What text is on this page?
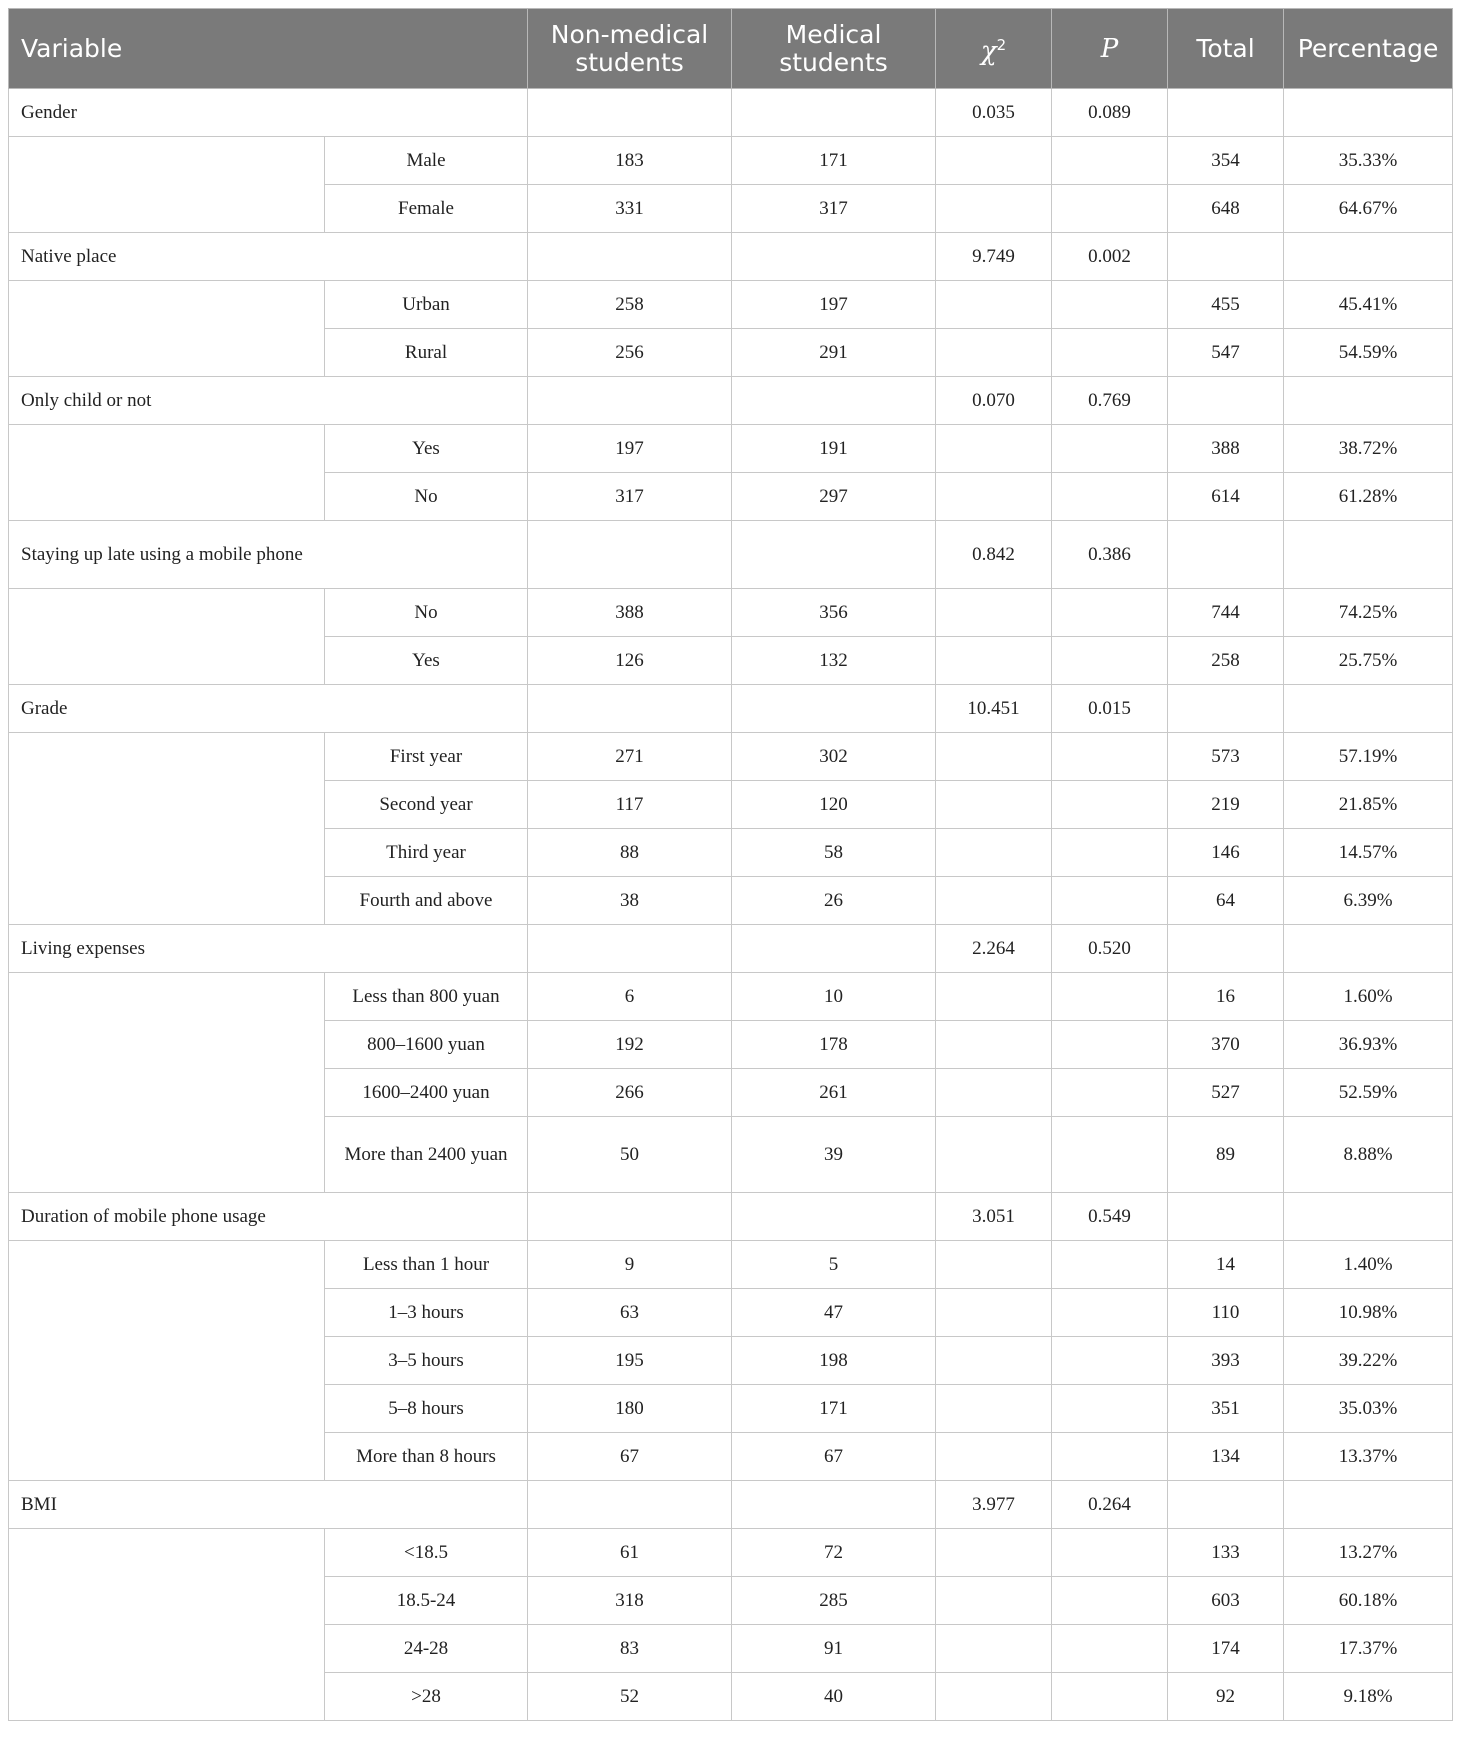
Variable		Non-medical students	Medical students	$\chi^2$	P	Total	Percentage
Gender				0.035	0.089		
	Male	183	171			354	35.33%
	Female	331	317			648	64.67%
Native place				9.749	0.002		
	Urban	258	197			455	45.41%
	Rural	256	291			547	54.59%
Only child or not				0.070	0.769		
	Yes	197	191			388	38.72%
	No	317	297			614	61.28%
Staying up late using a mobile phone				0.842	0.386		
	No	388	356			744	74.25%
	Yes	126	132			258	25.75%
Grade				10.451	0.015		
	First year	271	302			573	57.19%
	Second year	117	120			219	21.85%
	Third year	88	58			146	14.57%
	Fourth and above	38	26			64	6.39%
Living expenses				2.264	0.520		
	Less than 800 yuan	6	10			16	1.60%
	800–1600 yuan	192	178			370	36.93%
	1600–2400 yuan	266	261			527	52.59%
	More than 2400 yuan	50	39			89	8.88%
Duration of mobile phone usage				3.051	0.549		
	Less than 1 hour	9	5			14	1.40%
	1–3 hours	63	47			110	10.98%
	3–5 hours	195	198			393	39.22%
	5–8 hours	180	171			351	35.03%
	More than 8 hours	67	67			134	13.37%
BMI				3.977	0.264		
	<18.5	61	72			133	13.27%
	18.5-24	318	285			603	60.18%
	24-28	83	91			174	17.37%
	>28	52	40			92	9.18%
